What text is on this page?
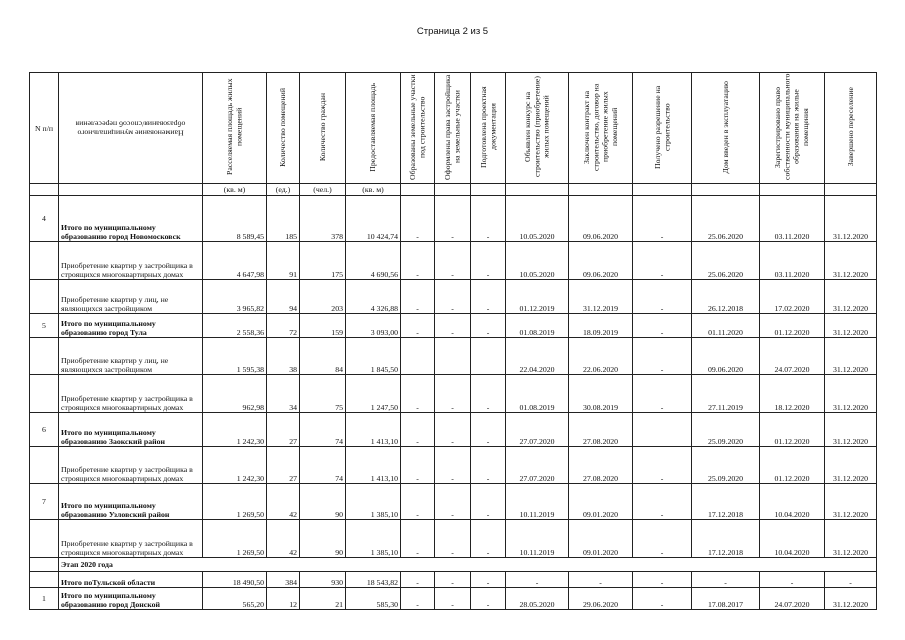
Страница 2 из 5
N п/п	Наименование муниципального образования/способ переселения	Расселяемая площадь жилых помещений	Количество помещений	Количество граждан	Предоставляемая площадь	Образованы земельные участки под строительство	Оформлены права застройщика на земельные участки	Подготовлена проектная документация	Объявлен конкурс на строительство (приобретение) жилых помещений	Заключен контракт на строительство, договор на приобретение жилых помещений	Получено разрешение на строительство	Дом введен в эксплуатацию	Зарегистрировано право собственности муниципального образования на жилые помещения	Завершено переселение
		(кв. м)	(ед.)	(чел.)	(кв. м)									
4	Итого по муниципальному образованию город Новомосковск	8 589,45	185	378	10 424,74	-	-	-	10.05.2020	09.06.2020	-	25.06.2020	03.11.2020	31.12.2020
	Приобретение квартир у застройщика в строящихся многоквартирных домах	4 647,98	91	175	4 690,56	-	-	-	10.05.2020	09.06.2020	-	25.06.2020	03.11.2020	31.12.2020
	Приобретение квартир у лиц, не являющихся застройщиком	3 965,82	94	203	4 326,88	-	-	-	01.12.2019	31.12.2019	-	26.12.2018	17.02.2020	31.12.2020
5	Итого по муниципальному образованию город Тула	2 558,36	72	159	3 093,00	-	-	-	01.08.2019	18.09.2019	-	01.11.2020	01.12.2020	31.12.2020
	Приобретение квартир у лиц, не являющихся застройщиком	1 595,38	38	84	1 845,50				22.04.2020	22.06.2020	-	09.06.2020	24.07.2020	31.12.2020
	Приобретение квартир у застройщика в строящихся многоквартирных домах	962,98	34	75	1 247,50	-	-	-	01.08.2019	30.08.2019	-	27.11.2019	18.12.2020	31.12.2020
6	Итого по муниципальному образованию Заокский район	1 242,30	27	74	1 413,10	-	-	-	27.07.2020	27.08.2020		25.09.2020	01.12.2020	31.12.2020
	Приобретение квартир у застройщика в строящихся многоквартирных домах	1 242,30	27	74	1 413,10	-	-	-	27.07.2020	27.08.2020	-	25.09.2020	01.12.2020	31.12.2020
7	Итого по муниципальному образованию Узловский район	1 269,50	42	90	1 385,10	-	-	-	10.11.2019	09.01.2020	-	17.12.2018	10.04.2020	31.12.2020
	Приобретение квартир у застройщика в строящихся многоквартирных домах	1 269,50	42	90	1 385,10	-	-	-	10.11.2019	09.01.2020	-	17.12.2018	10.04.2020	31.12.2020
	Этап 2020 года													
	Итого поТульской области	18 490,50	384	930	18 543,82	-	-	-	-	-	-	-	-	-
1	Итого по муниципальному образованию город Донской	565,20	12	21	585,30	-	-	-	28.05.2020	29.06.2020	-	17.08.2017	24.07.2020	31.12.2020
